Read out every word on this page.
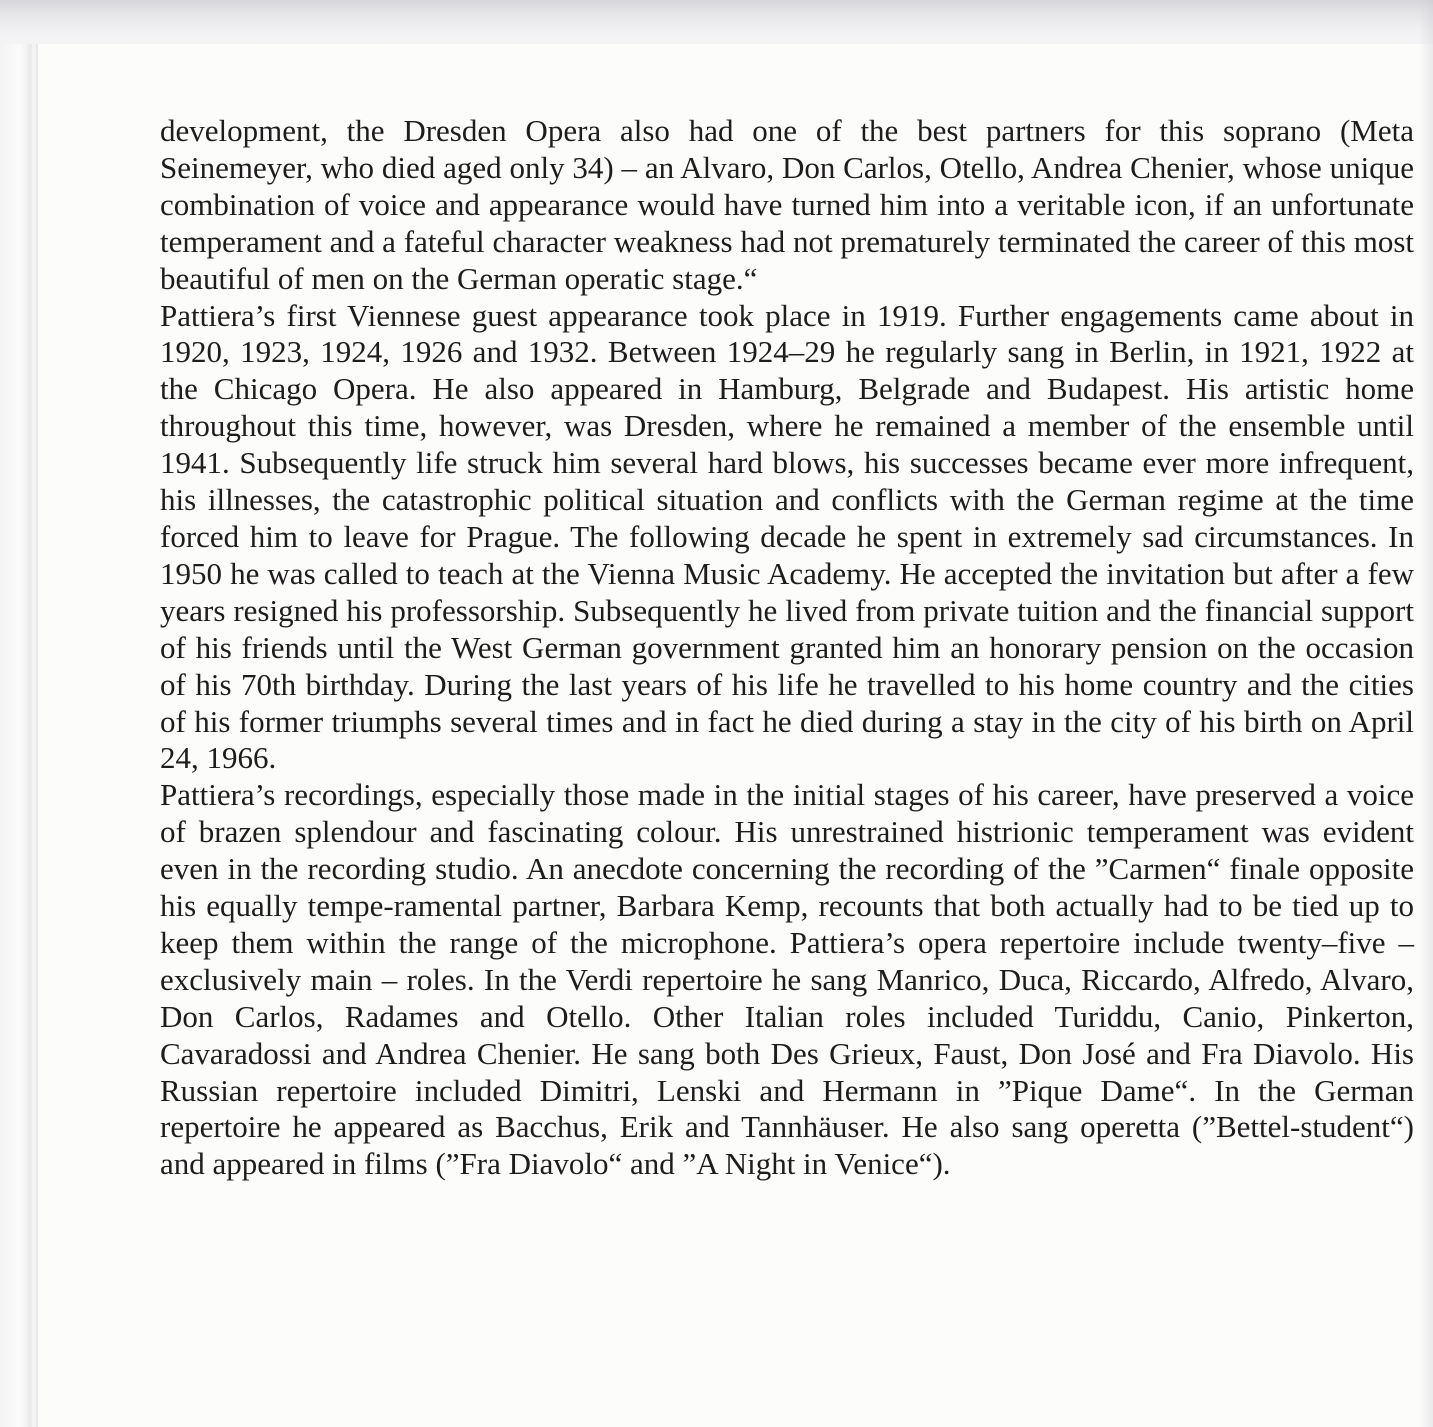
development, the Dresden Opera also had one of the best partners for this soprano (Meta Seinemeyer, who died aged only 34) – an Alvaro, Don Carlos, Otello, Andrea Chenier, whose unique combination of voice and appearance would have turned him into a veritable icon, if an unfortunate temperament and a fateful character weakness had not prematurely terminated the career of this most beautiful of men on the German operatic stage.“

Pattiera’s first Viennese guest appearance took place in 1919. Further engagements came about in 1920, 1923, 1924, 1926 and 1932. Between 1924–29 he regularly sang in Berlin, in 1921, 1922 at the Chicago Opera. He also appeared in Hamburg, Belgrade and Budapest. His artistic home throughout this time, however, was Dresden, where he remained a member of the ensemble until 1941. Subsequently life struck him several hard blows, his successes became ever more infrequent, his illnesses, the catastrophic political situation and conflicts with the German regime at the time forced him to leave for Prague. The following decade he spent in extremely sad circumstances. In 1950 he was called to teach at the Vienna Music Academy. He accepted the invitation but after a few years resigned his professorship. Subsequently he lived from private tuition and the financial support of his friends until the West German government granted him an honorary pension on the occasion of his 70th birthday. During the last years of his life he travelled to his home country and the cities of his former triumphs several times and in fact he died during a stay in the city of his birth on April 24, 1966.

Pattiera’s recordings, especially those made in the initial stages of his career, have preserved a voice of brazen splendour and fascinating colour. His unrestrained histrionic temperament was evident even in the recording studio. An anecdote concerning the recording of the ”Carmen“ finale opposite his equally tempe-ramental partner, Barbara Kemp, recounts that both actually had to be tied up to keep them within the range of the microphone. Pattiera’s opera repertoire include twenty–five – exclusively main – roles. In the Verdi repertoire he sang Manrico, Duca, Riccardo, Alfredo, Alvaro, Don Carlos, Radames and Otello. Other Italian roles included Turiddu, Canio, Pinkerton, Cavaradossi and Andrea Chenier. He sang both Des Grieux, Faust, Don José and Fra Diavolo. His Russian repertoire included Dimitri, Lenski and Hermann in ”Pique Dame“. In the German repertoire he appeared as Bacchus, Erik and Tannhäuser. He also sang operetta (”Bettel-student“) and appeared in films (”Fra Diavolo“ and ”A Night in Venice“).
